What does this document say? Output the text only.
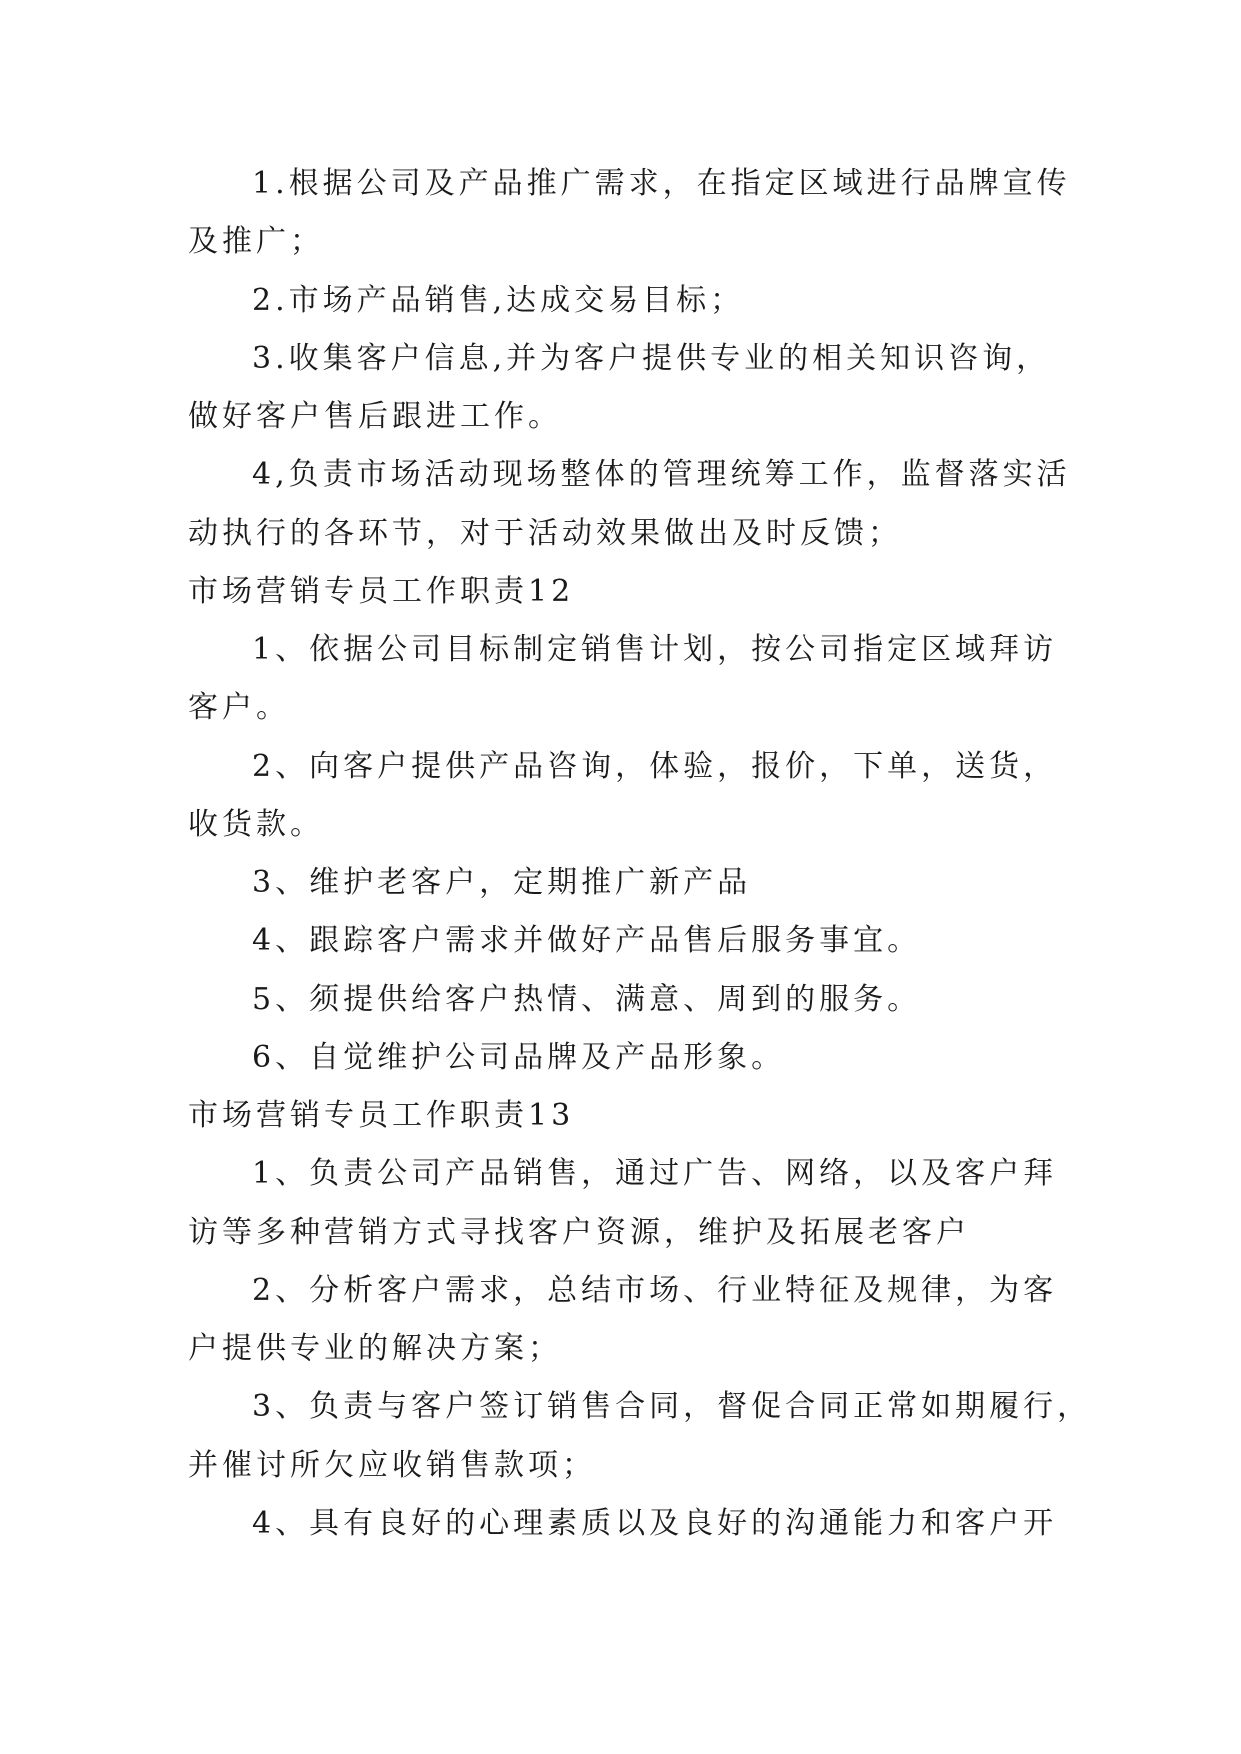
1.根据公司及产品推广需求，在指定区域进行品牌宣传
及推广；
2.市场产品销售,达成交易目标；
3.收集客户信息,并为客户提供专业的相关知识咨询，
做好客户售后跟进工作。
4,负责市场活动现场整体的管理统筹工作，监督落实活
动执行的各环节，对于活动效果做出及时反馈；
市场营销专员工作职责12
1、依据公司目标制定销售计划，按公司指定区域拜访
客户。
2、向客户提供产品咨询，体验，报价，下单，送货，
收货款。
3、维护老客户，定期推广新产品
4、跟踪客户需求并做好产品售后服务事宜。
5、须提供给客户热情、满意、周到的服务。
6、自觉维护公司品牌及产品形象。
市场营销专员工作职责13
1、负责公司产品销售，通过广告、网络，以及客户拜
访等多种营销方式寻找客户资源，维护及拓展老客户
2、分析客户需求，总结市场、行业特征及规律，为客
户提供专业的解决方案；
3、负责与客户签订销售合同，督促合同正常如期履行，
并催讨所欠应收销售款项；
4、具有良好的心理素质以及良好的沟通能力和客户开
